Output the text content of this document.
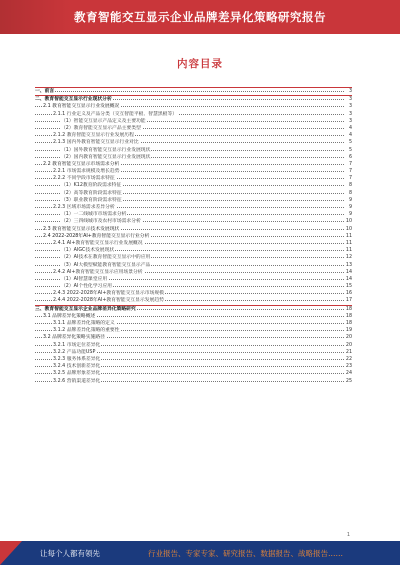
教育智能交互显示企业品牌差异化策略研究报告
内容目录
一、前言	3
二、教育智能交互显示行业现状分析	3
2.1 教育智能交互显示行业发展概况	3
2.1.1 行业定义及产品分类（交互智能平板、智慧黑板等）	3
（1）智能交互显示产品定义及主要功能	3
（2）教育智能交互显示产品主要类型	4
2.1.2 教育智能交互显示行业发展历程	4
2.1.3 国内外教育智能交互显示行业对比	5
（1）国外教育智能交互显示行业发展现状	5
（2）国内教育智能交互显示行业发展现状	6
2.2 教育智能交互显示市场需求分析	7
2.2.1 市场需求规模及增长趋势	7
2.2.2 不同学段市场需求特征	7
（1）K12教育阶段需求特征	8
（2）高等教育阶段需求特征	8
（3）职业教育阶段需求特征	9
2.2.3 区域市场需求差异分析	9
（1）一二线城市市场需求分析	9
（2）三四线城市及农村市场需求分析	10
2.3 教育智能交互显示技术发展现状	10
2.4 2022-2028年AI+教育智能交互显示行业分析	11
2.4.1 AI+教育智能交互显示行业发展概况	11
（1）AIGC技术发展现状	11
（2）AI技术在教育智能交互显示中的应用	12
（3）AI大模型赋能教育智能交互显示产品	13
2.4.2 AI+教育智能交互显示应用场景分析	14
（1）AI智慧课堂应用	14
（2）AI个性化学习应用	15
2.4.3 2022-2028年AI+教育智能交互显示市场规模	16
2.4.4 2022-2028年AI+教育智能交互显示发展趋势	17
三、教育智能交互显示企业品牌差异化策略研究	18
3.1 品牌差异化策略概述	18
3.1.1 品牌差异化策略的定义	18
3.1.2 品牌差异化策略的重要性	19
3.2 品牌差异化策略实施路径	20
3.2.1 市场定位差异化	20
3.2.2 产品功能USP	21
3.2.3 服务体系差异化	22
3.2.4 技术创新差异化	23
3.2.5 品牌形象差异化	24
3.2.6 营销渠道差异化	25
1
让每个人都有领先	行业报告、专家专家、研究报告、数据报告、战略报告……
